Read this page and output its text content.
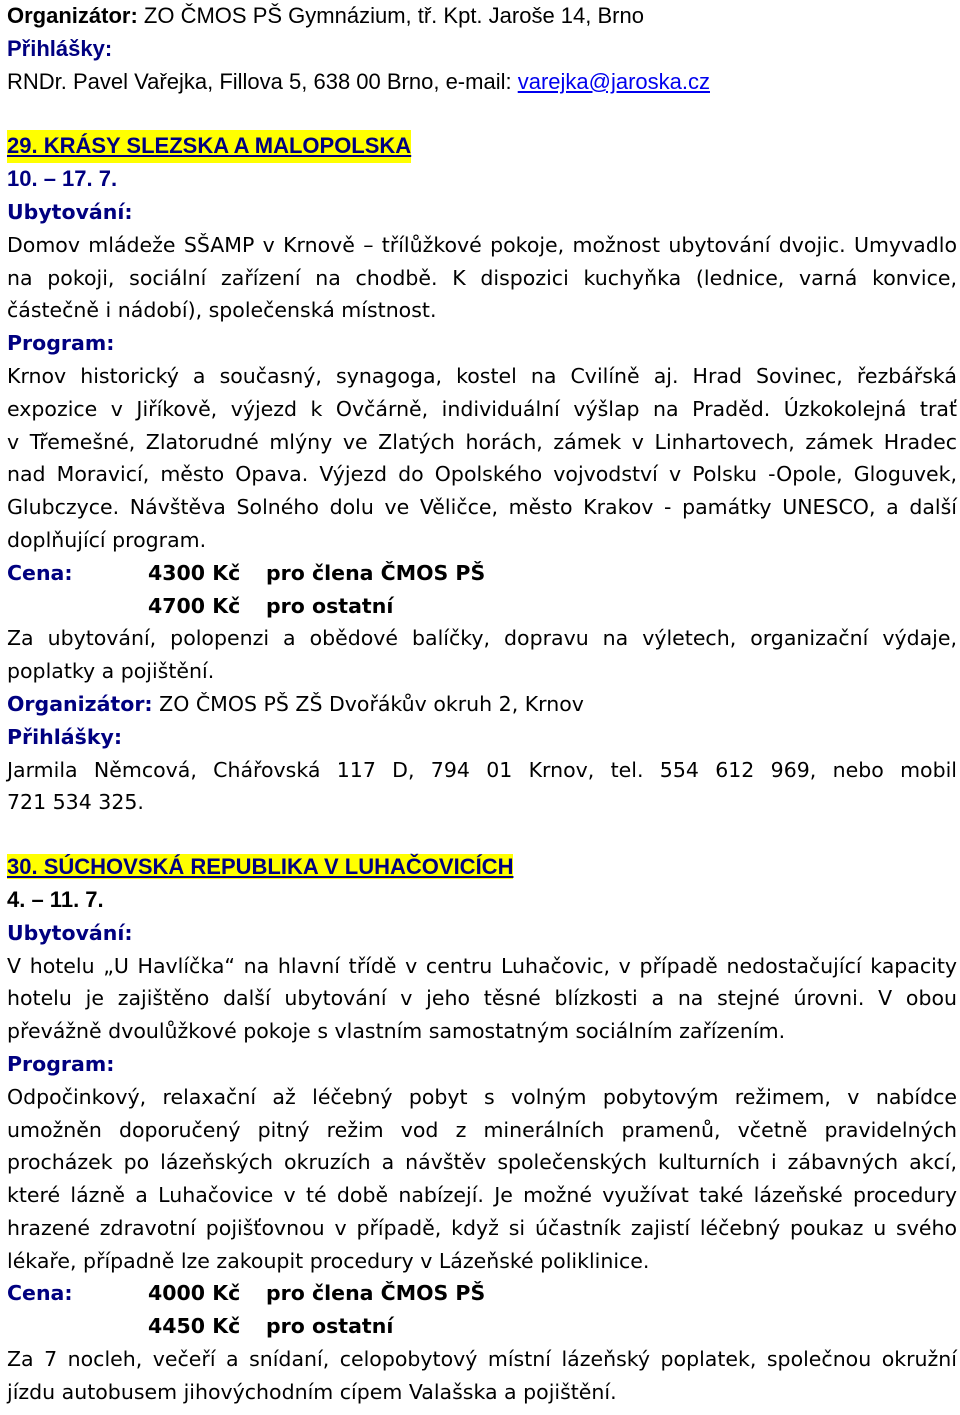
Organizátor: ZO ČMOS PŠ Gymnázium, tř. Kpt. Jaroše 14, Brno
Přihlášky:
RNDr. Pavel Vařejka, Fillova 5, 638 00 Brno, e-mail: varejka@jaroska.cz
29. KRÁSY SLEZSKA A MALOPOLSKA
10. – 17. 7.
Ubytování:
Domov mládeže SŠAMP v Krnově – třílůžkové pokoje, možnost ubytování dvojic. Umyvadlo
na pokoji, sociální zařízení na chodbě. K dispozici kuchyňka (lednice, varná konvice,
částečně i nádobí), společenská místnost.
Program:
Krnov historický a současný, synagoga, kostel na Cvilíně aj. Hrad Sovinec, řezbářská
expozice v Jiříkově, výjezd k Ovčárně, individuální výšlap na Praděd. Úzkokolejná trať
v Třemešné, Zlatorudné mlýny ve Zlatých horách, zámek v Linhartovech, zámek Hradec
nad Moravicí, město Opava. Výjezd do Opolského vojvodství v Polsku -Opole, Gloguvek,
Glubczyce. Návštěva Solného dolu ve Věličce, město Krakov - památky UNESCO, a další
doplňující program.
Cena:	4300 Kč pro člena ČMOS PŠ
4700 Kč pro ostatní
Za ubytování, polopenzi a obědové balíčky, dopravu na výletech, organizační výdaje,
poplatky a pojištění.
Organizátor: ZO ČMOS PŠ ZŠ Dvořákův okruh 2, Krnov
Přihlášky:
Jarmila Němcová, Chářovská 117 D, 794 01 Krnov, tel. 554 612 969, nebo mobil
721 534 325.
30. SÚCHOVSKÁ REPUBLIKA V LUHAČOVICÍCH
4. – 11. 7.
Ubytování:
V hotelu „U Havlíčka“ na hlavní třídě v centru Luhačovic, v případě nedostačující kapacity
hotelu je zajištěno další ubytování v jeho těsné blízkosti a na stejné úrovni. V obou
převážně dvoulůžkové pokoje s vlastním samostatným sociálním zařízením.
Program:
Odpočinkový, relaxační až léčebný pobyt s volným pobytovým režimem, v nabídce
umožněn doporučený pitný režim vod z minerálních pramenů, včetně pravidelných
procházek po lázeňských okruzích a návštěv společenských kulturních i zábavných akcí,
které lázně a Luhačovice v té době nabízejí. Je možné využívat také lázeňské procedury
hrazené zdravotní pojišťovnou v případě, když si účastník zajistí léčebný poukaz u svého
lékaře, případně lze zakoupit procedury v Lázeňské poliklinice.
Cena:	4000 Kč pro člena ČMOS PŠ
4450 Kč pro ostatní
Za 7 nocleh, večeří a snídaní, celopobytový místní lázeňský poplatek, společnou okružní
jízdu autobusem jihovýchodním cípem Valašska a pojištění.
